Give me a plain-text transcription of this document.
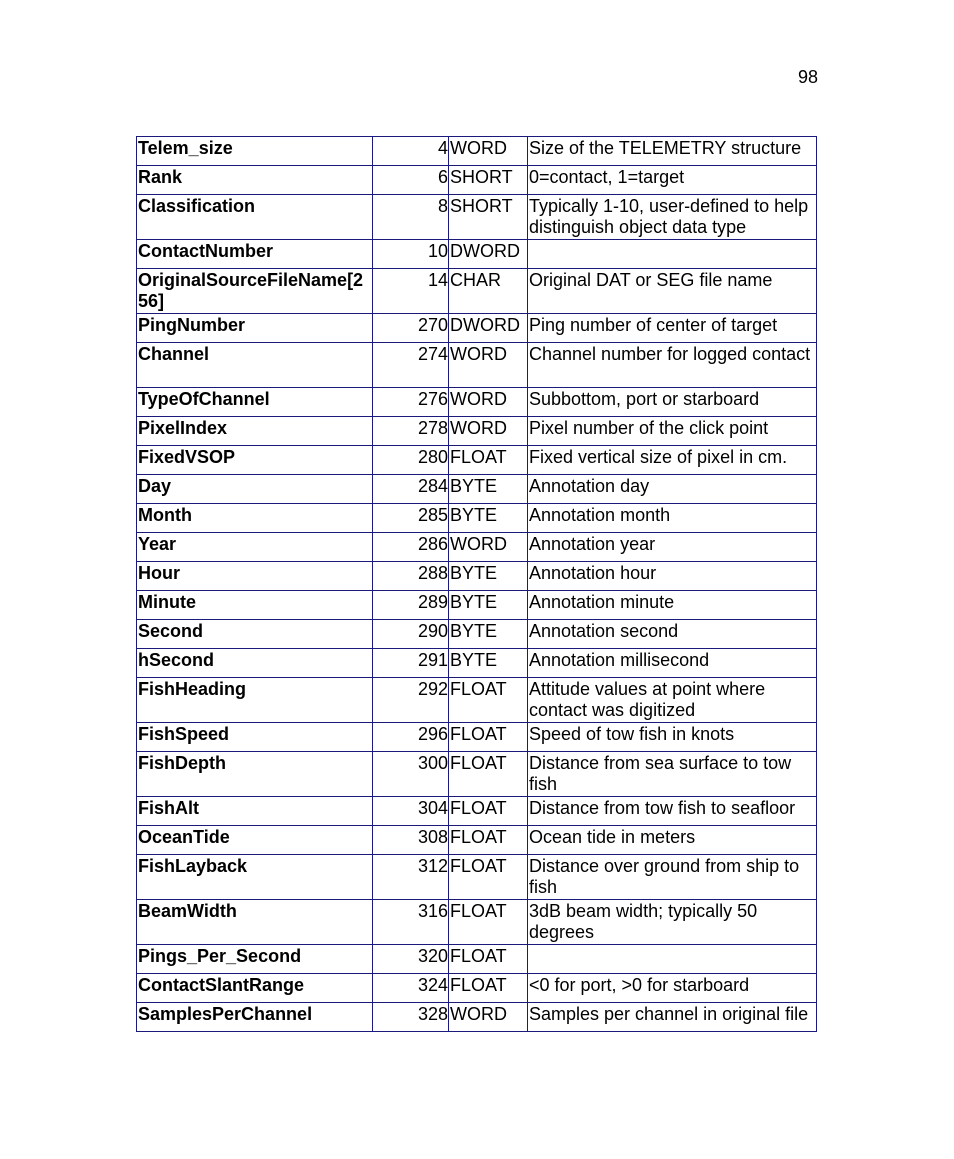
98
Telem_size	4	WORD	Size of the TELEMETRY structure
Rank	6	SHORT	0=contact, 1=target
Classification	8	SHORT	Typically 1-10, user-defined to help distinguish object data type
ContactNumber	10	DWORD	
OriginalSourceFileName[256]	14	CHAR	Original DAT or SEG file name
PingNumber	270	DWORD	Ping number of center of target
Channel	274	WORD	Channel number for logged contact
TypeOfChannel	276	WORD	Subbottom, port or starboard
PixelIndex	278	WORD	Pixel number of the click point
FixedVSOP	280	FLOAT	Fixed vertical size of pixel in cm.
Day	284	BYTE	Annotation day
Month	285	BYTE	Annotation month
Year	286	WORD	Annotation year
Hour	288	BYTE	Annotation hour
Minute	289	BYTE	Annotation minute
Second	290	BYTE	Annotation second
hSecond	291	BYTE	Annotation millisecond
FishHeading	292	FLOAT	Attitude values at point where contact was digitized
FishSpeed	296	FLOAT	Speed of tow fish in knots
FishDepth	300	FLOAT	Distance from sea surface to tow fish
FishAlt	304	FLOAT	Distance from tow fish to seafloor
OceanTide	308	FLOAT	Ocean tide in meters
FishLayback	312	FLOAT	Distance over ground from ship to fish
BeamWidth	316	FLOAT	3dB beam width; typically 50 degrees
Pings_Per_Second	320	FLOAT	
ContactSlantRange	324	FLOAT	<0 for port, >0 for starboard
SamplesPerChannel	328	WORD	Samples per channel in original file
